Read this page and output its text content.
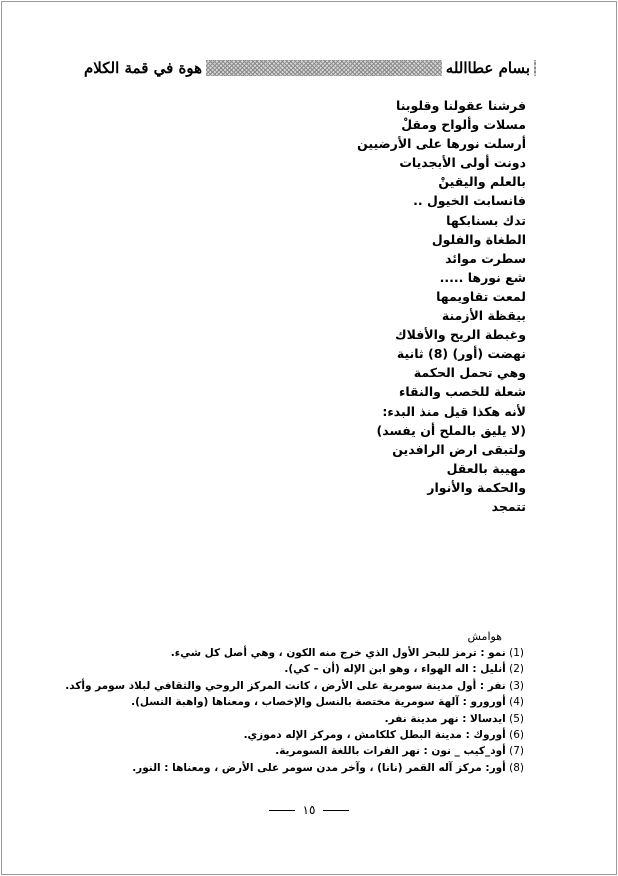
بسام عطاالله
هوة في قمة الكلام
فرشنا عقولنا وقلوبنا
مسلات وألواح ومقلْ
أرسلت نورها على الأرضيين
دونت أولى الأبجديات
بالعلم واليقينْ
فانسابت الخيول ..
تدك بسنابكها
الطغاة والفلول
سطرت موائد
شع نورها .....
لمعت تقاويمها
بيقظة الأزمنة
وغبطة الريح والأفلاك
نهضت (أور) (8) ثانية
وهي تحمل الحكمة
شعلة للخصب والنقاء
لأنه هكذا قيل منذ البدء:
(لا يليق بالملح أن يفسد)
ولتبقى ارض الرافدين
مهيبة بالعقل
والحكمة والأنوار
تتمجد
هوامش
(1) نمو : ترمز للبحر الأول الذي خرج منه الكون ، وهي أصل كل شيء.
(2) أنليل : اله الهواء ، وهو ابن الإله (أن – كي).
(3) نفر : أول مدينة سومرية على الأرض ، كانت المركز الروحي والثقافي لبلاد سومر وأكد.
(4) أورورو : آلهة سومرية مختصة بالنسل والإخصاب ، ومعناها (واهبة النسل).
(5) ايدسالا : نهر مدينة نفر.
(6) أوروك : مدينة البطل كلكامش ، ومركز الإله دموزي.
(7) أود_كيب _ نون : نهر الفرات باللغة السومرية.
(8) أور: مركز آله القمر (نانا) ، وآخر مدن سومر على الأرض ، ومعناها : النور.
١٥
